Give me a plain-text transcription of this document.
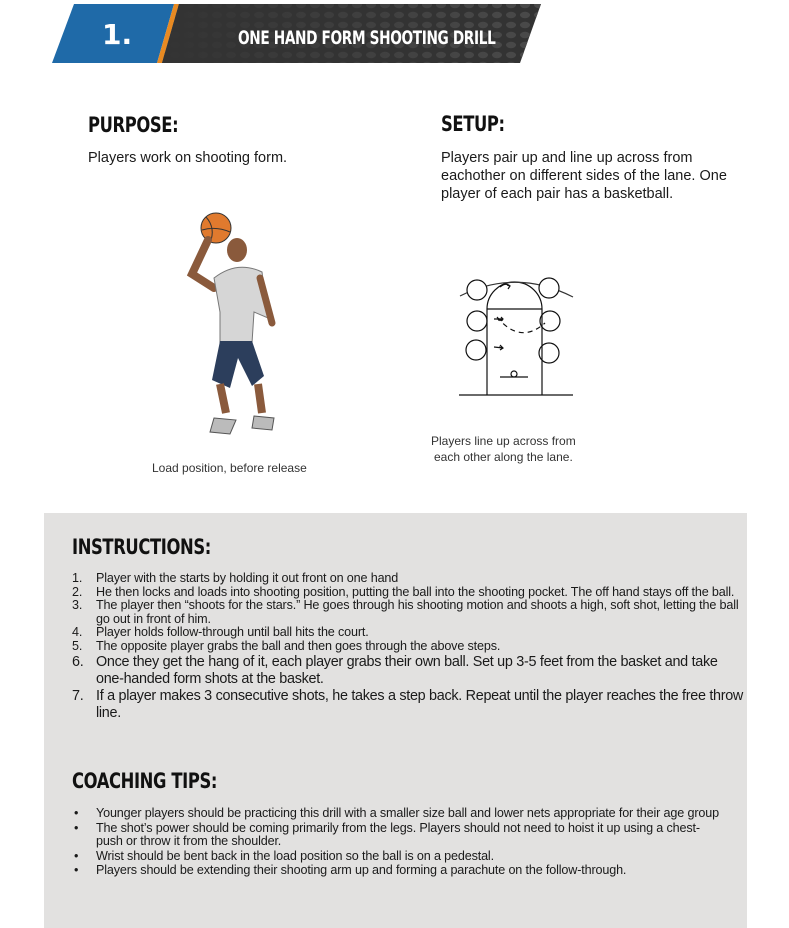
1.	ONE HAND FORM SHOOTING DRILL
PURPOSE:
Players work on shooting form.
Load position, before release
SETUP:
Players pair up and line up across from eachother on different sides of the lane. One player of each pair has a basketball.
Players line up across from
each other along the lane.
INSTRUCTIONS:
1. Player with the starts by holding it out front on one hand
2. He then locks and loads into shooting position, putting the ball into the shooting pocket. The off hand stays off the ball.
3. The player then “shoots for the stars.” He goes through his shooting motion and shoots a high, soft shot, letting the ball go out in front of him.
4. Player holds follow-through until ball hits the court.
5. The opposite player grabs the ball and then goes through the above steps.
6. Once they get the hang of it, each player grabs their own ball. Set up 3-5 feet from the basket and take one-handed form shots at the basket.
7. If a player makes 3 consecutive shots, he takes a step back. Repeat until the player reaches the free throw line.
COACHING TIPS:
• Younger players should be practicing this drill with a smaller size ball and lower nets appropriate for their age group
• The shot’s power should be coming primarily from the legs. Players should not need to hoist it up using a chest-push or throw it from the shoulder.
• Wrist should be bent back in the load position so the ball is on a pedestal.
• Players should be extending their shooting arm up and forming a parachute on the follow-through.
